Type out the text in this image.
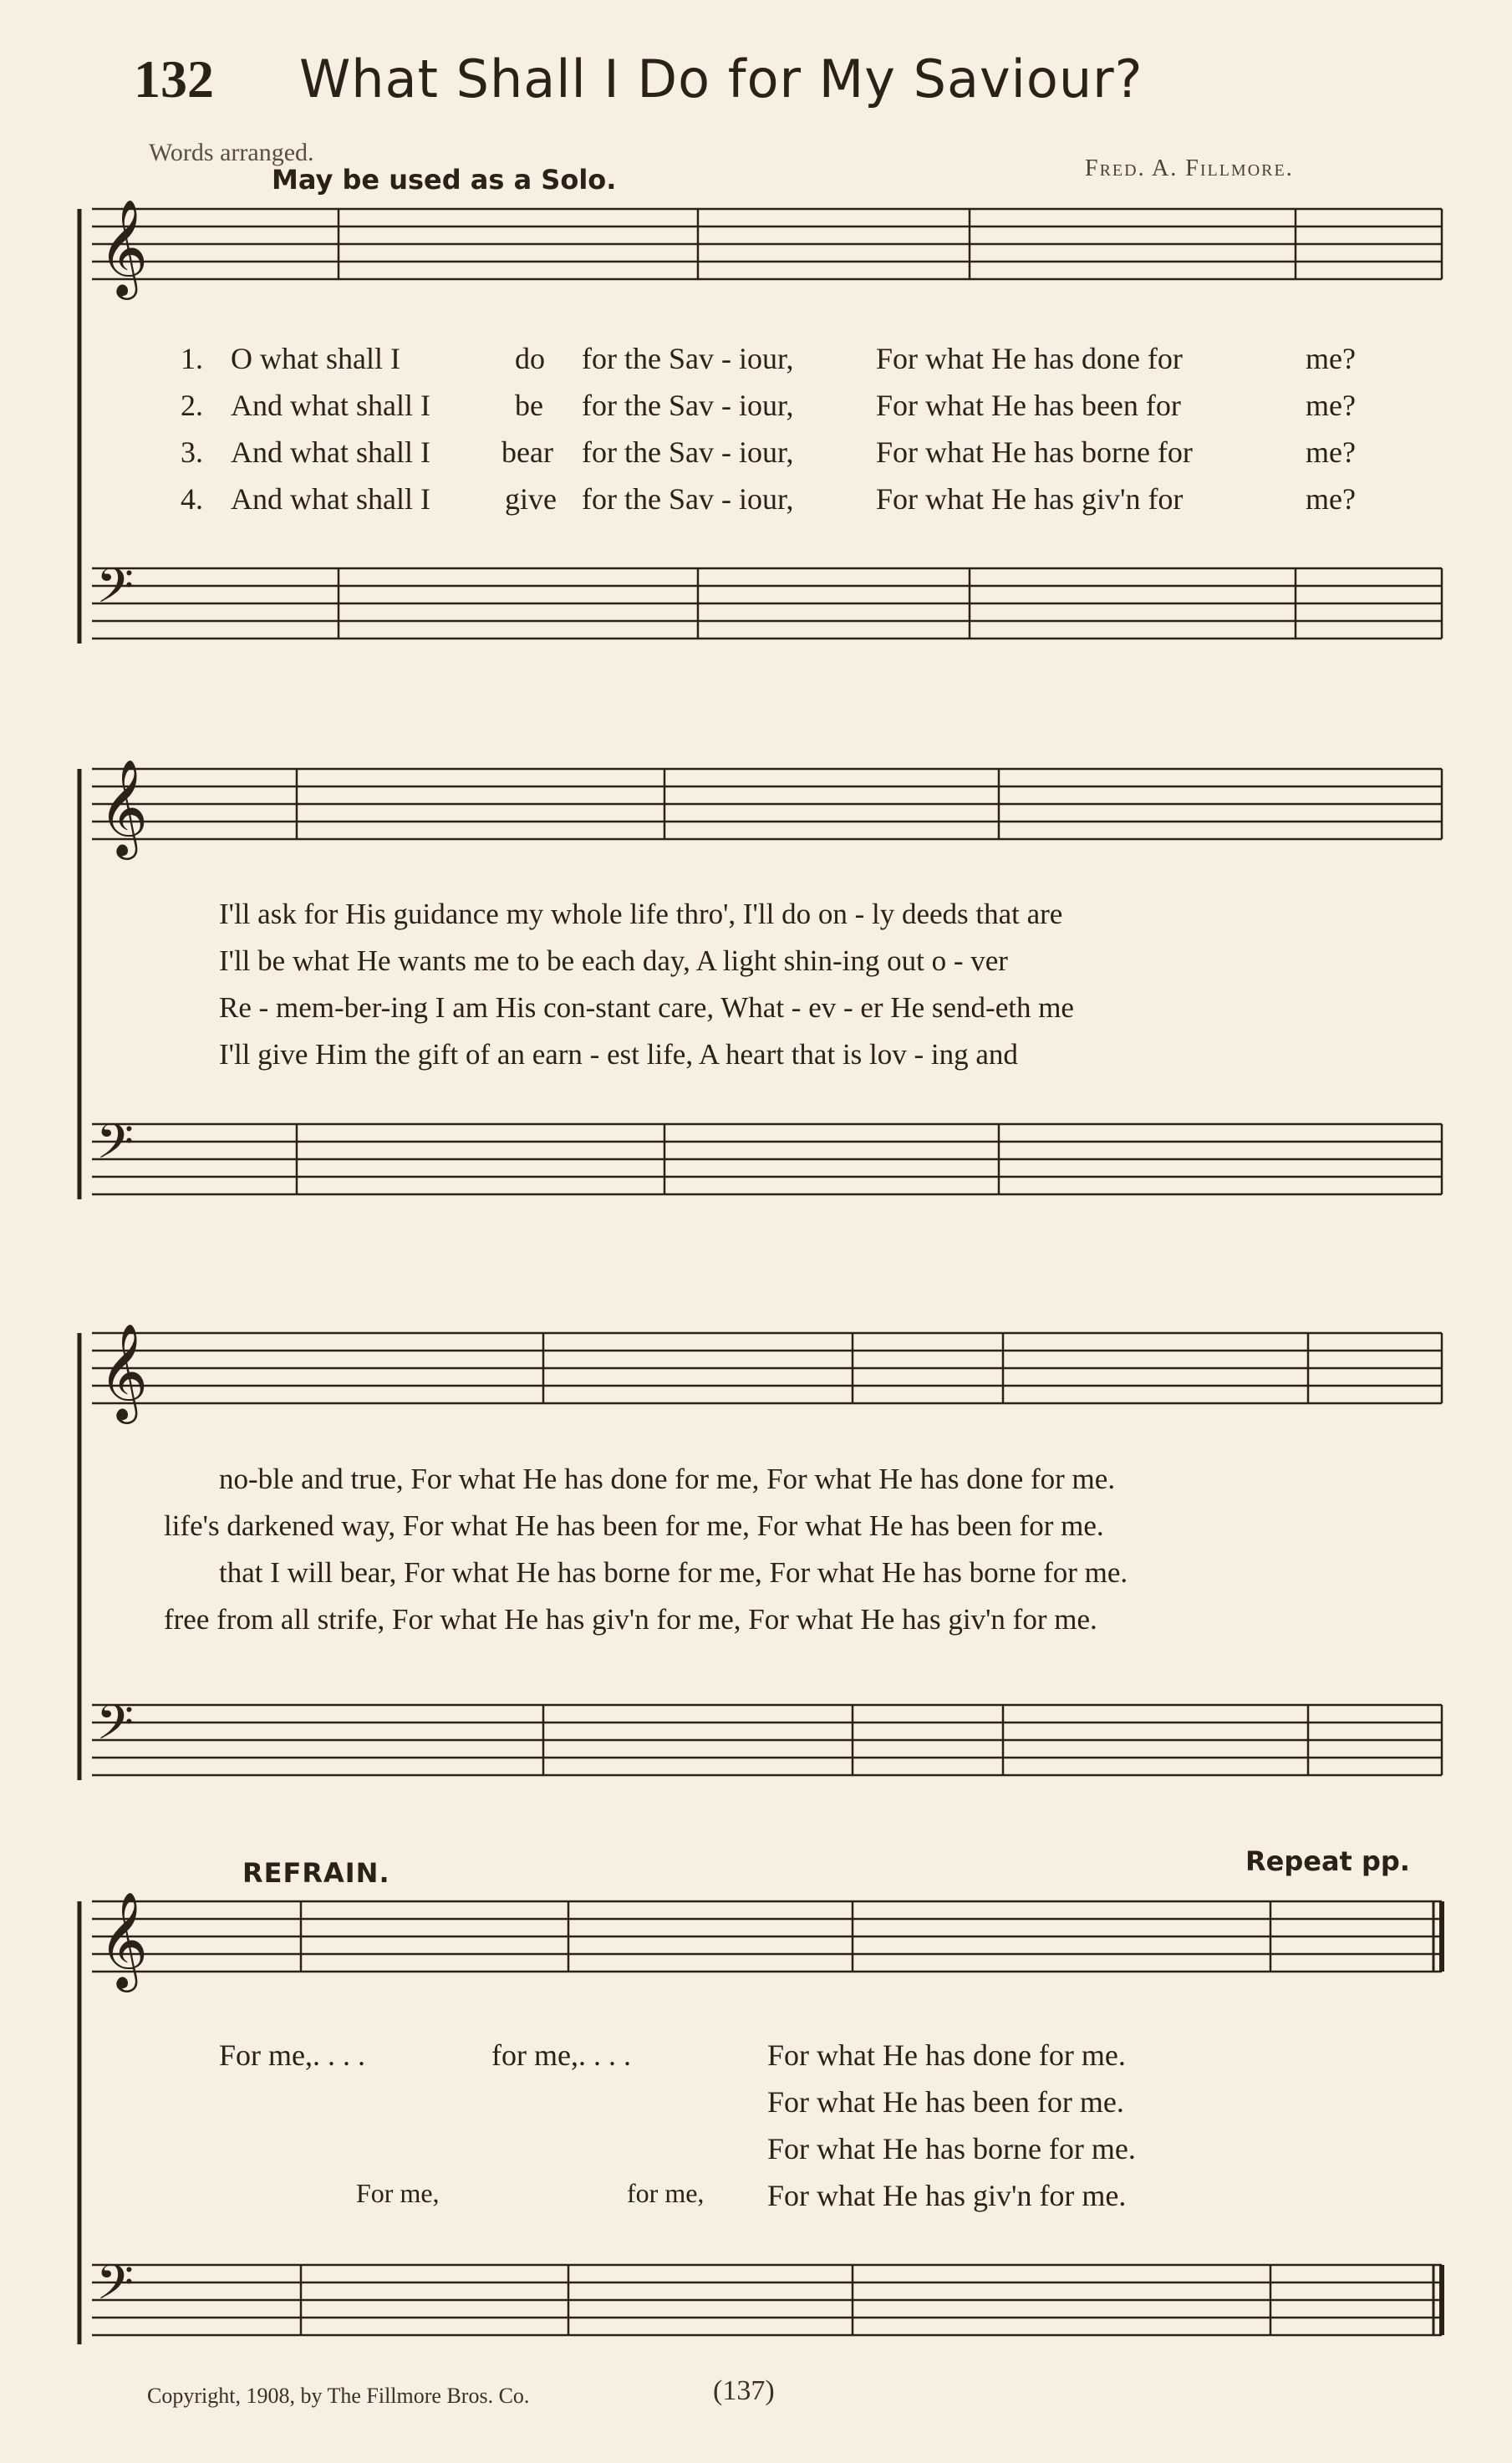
132 What Shall I Do for My Saviour?
Words arranged.
May be used as a Solo.	Fred. A. Fillmore.
𝄞
𝄢
𝄞
𝄢
𝄞
𝄢
𝄞
𝄢
1. O what shall I	do for the Sav - iour,	For what He has done for	me?
2. And what shall I	be for the Sav - iour,	For what He has been for	me?
3. And what shall I bear for the Sav - iour,	For what He has borne for	me?
4. And what shall I give for the Sav - iour,	For what He has giv'n for	me?
I'll ask for His guidance my whole life thro', I'll do on - ly deeds that are
I'll be what He wants me to be each day, A light shin-ing out o - ver
Re - mem-ber-ing I am His con-stant care, What - ev - er He send-eth me
I'll give Him the gift of an earn - est life, A heart that is lov - ing and
no-ble and true, For what He has done for me, For what He has done for me.
life's darkened way, For what He has been for me, For what He has been for me.
that I will bear, For what He has borne for me, For what He has borne for me.
free from all strife, For what He has giv'n for me, For what He has giv'n for me.
REFRAIN.	Repeat pp.
For me,. . . .	for me,. . . .
For me,	for me,
For what He has done for me.
For what He has been for me.
For what He has borne for me.
For what He has giv'n for me.
Copyright, 1908, by The Fillmore Bros. Co.	(137)
